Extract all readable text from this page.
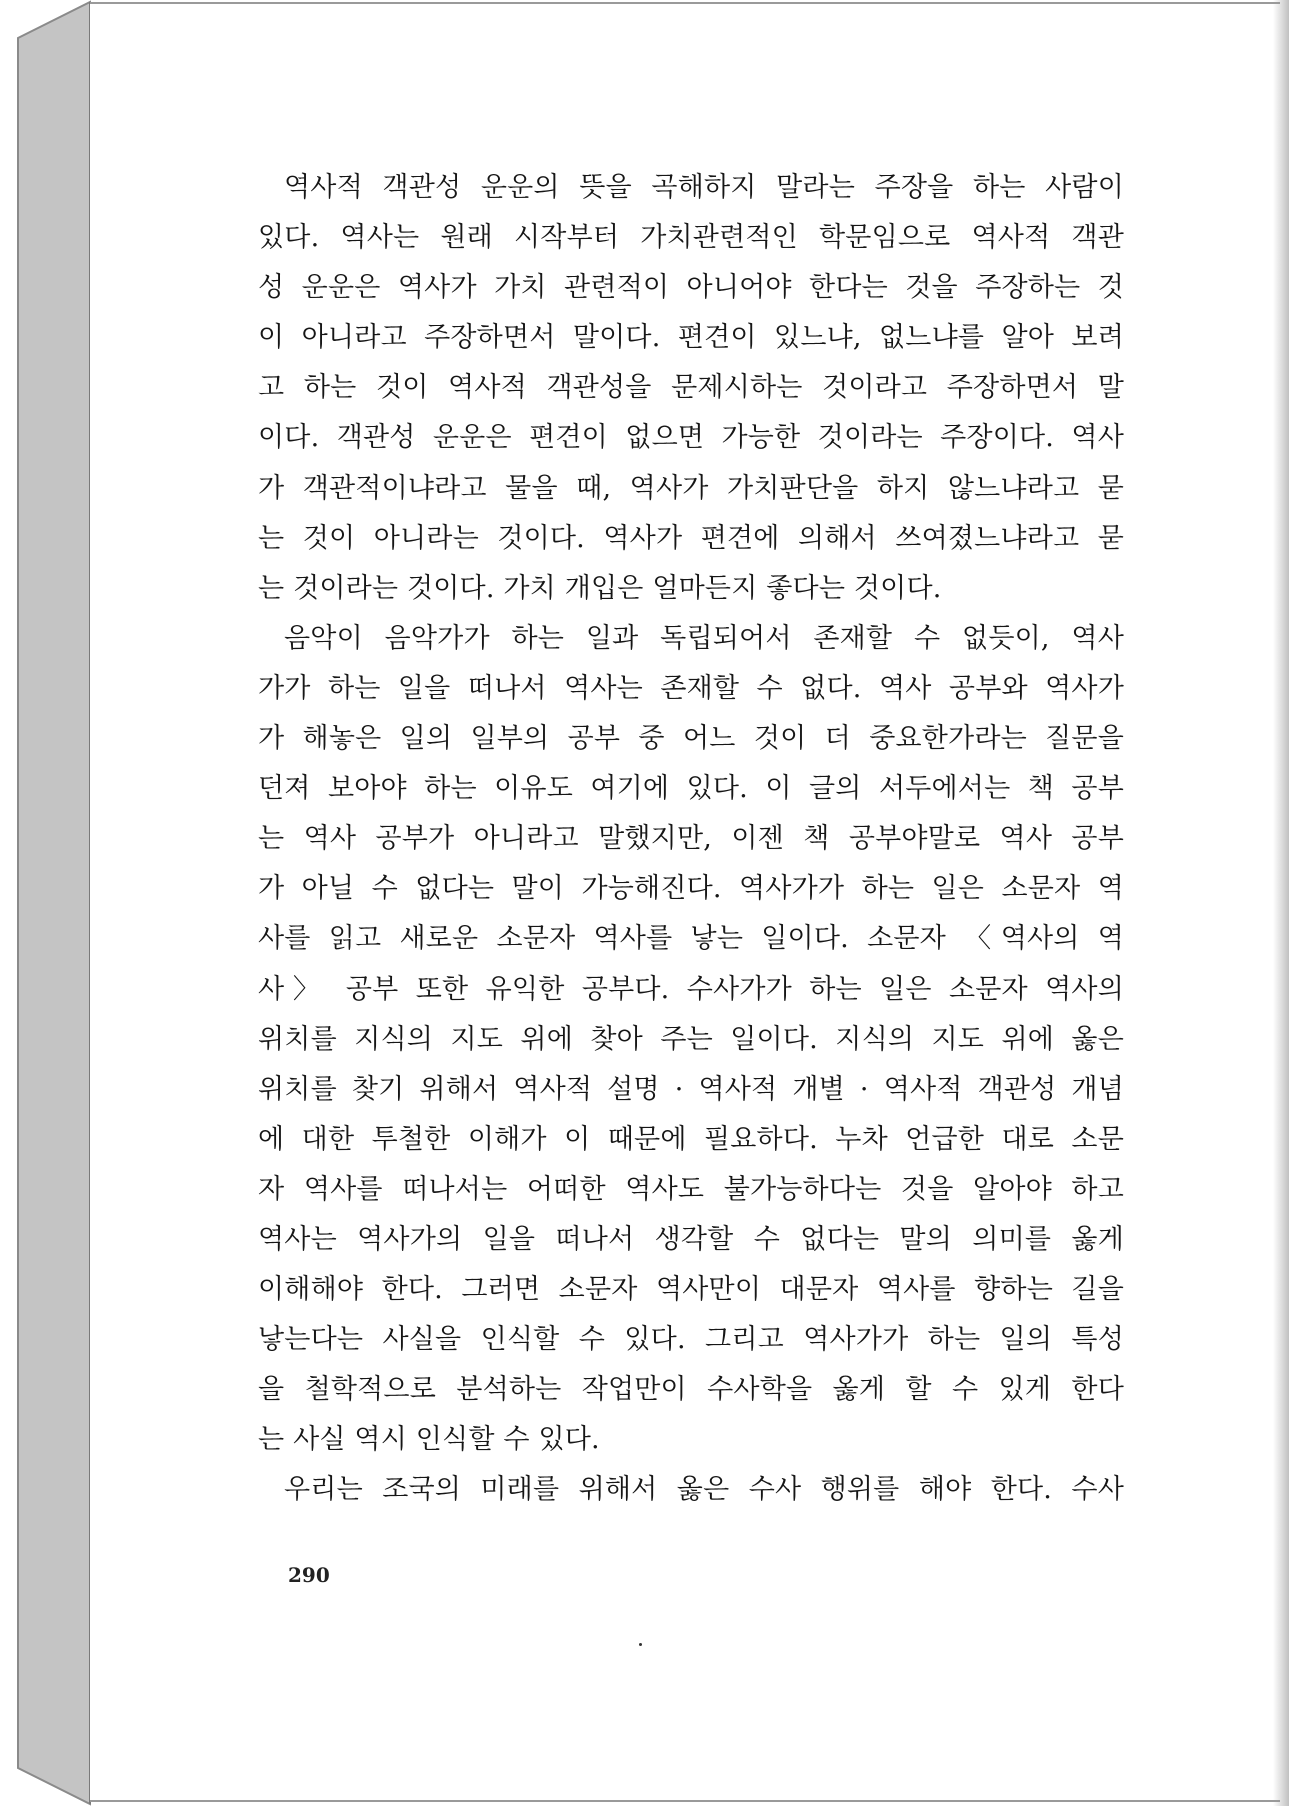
역사적 객관성 운운의 뜻을 곡해하지 말라는 주장을 하는 사람이
있다. 역사는 원래 시작부터 가치관련적인 학문임으로 역사적 객관
성 운운은 역사가 가치 관련적이 아니어야 한다는 것을 주장하는 것
이 아니라고 주장하면서 말이다. 편견이 있느냐, 없느냐를 알아 보려
고 하는 것이 역사적 객관성을 문제시하는 것이라고 주장하면서 말
이다. 객관성 운운은 편견이 없으면 가능한 것이라는 주장이다. 역사
가 객관적이냐라고 물을 때, 역사가 가치판단을 하지 않느냐라고 묻
는 것이 아니라는 것이다. 역사가 편견에 의해서 쓰여졌느냐라고 묻
는 것이라는 것이다. 가치 개입은 얼마든지 좋다는 것이다.
음악이 음악가가 하는 일과 독립되어서 존재할 수 없듯이, 역사
가가 하는 일을 떠나서 역사는 존재할 수 없다. 역사 공부와 역사가
가 해놓은 일의 일부의 공부 중 어느 것이 더 중요한가라는 질문을
던져 보아야 하는 이유도 여기에 있다. 이 글의 서두에서는 책 공부
는 역사 공부가 아니라고 말했지만, 이젠 책 공부야말로 역사 공부
가 아닐 수 없다는 말이 가능해진다. 역사가가 하는 일은 소문자 역
사를 읽고 새로운 소문자 역사를 낳는 일이다. 소문자 〈역사의 역
사〉 공부 또한 유익한 공부다. 수사가가 하는 일은 소문자 역사의
위치를 지식의 지도 위에 찾아 주는 일이다. 지식의 지도 위에 옳은
위치를 찾기 위해서 역사적 설명 · 역사적 개별 · 역사적 객관성 개념
에 대한 투철한 이해가 이 때문에 필요하다. 누차 언급한 대로 소문
자 역사를 떠나서는 어떠한 역사도 불가능하다는 것을 알아야 하고
역사는 역사가의 일을 떠나서 생각할 수 없다는 말의 의미를 옳게
이해해야 한다. 그러면 소문자 역사만이 대문자 역사를 향하는 길을
낳는다는 사실을 인식할 수 있다. 그리고 역사가가 하는 일의 특성
을 철학적으로 분석하는 작업만이 수사학을 옳게 할 수 있게 한다
는 사실 역시 인식할 수 있다.
우리는 조국의 미래를 위해서 옳은 수사 행위를 해야 한다. 수사
290
